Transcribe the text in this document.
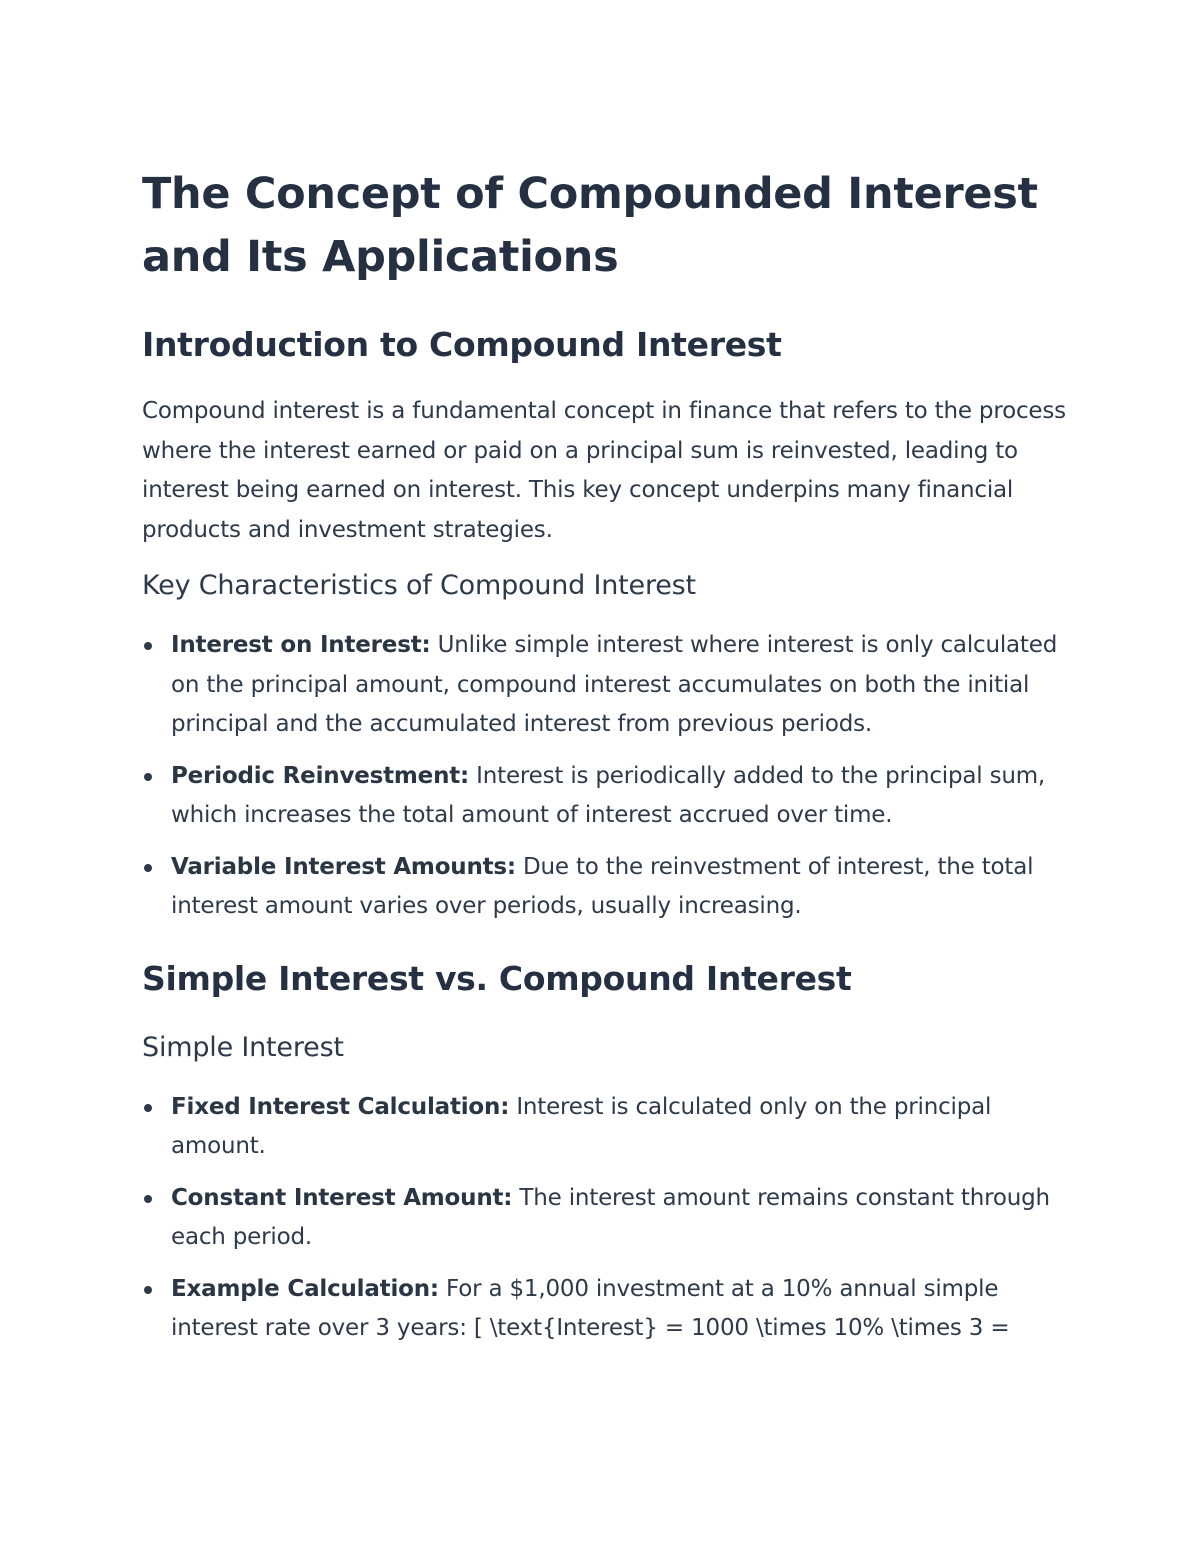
The Concept of Compounded Interest and Its Applications
Introduction to Compound Interest

Compound interest is a fundamental concept in finance that refers to the process where the interest earned or paid on a principal sum is reinvested, leading to interest being earned on interest. This key concept underpins many financial products and investment strategies.

Key Characteristics of Compound Interest
Interest on Interest: Unlike simple interest where interest is only calculated on the principal amount, compound interest accumulates on both the initial principal and the accumulated interest from previous periods.
Periodic Reinvestment: Interest is periodically added to the principal sum, which increases the total amount of interest accrued over time.
Variable Interest Amounts: Due to the reinvestment of interest, the total interest amount varies over periods, usually increasing.
Simple Interest vs. Compound Interest
Simple Interest
Fixed Interest Calculation: Interest is calculated only on the principal amount.
Constant Interest Amount: The interest amount remains constant through each period.
Example Calculation: For a $1,000 investment at a 10% annual simple interest rate over 3 years: [ \text{Interest} = 1000 \times 10% \times 3 =
